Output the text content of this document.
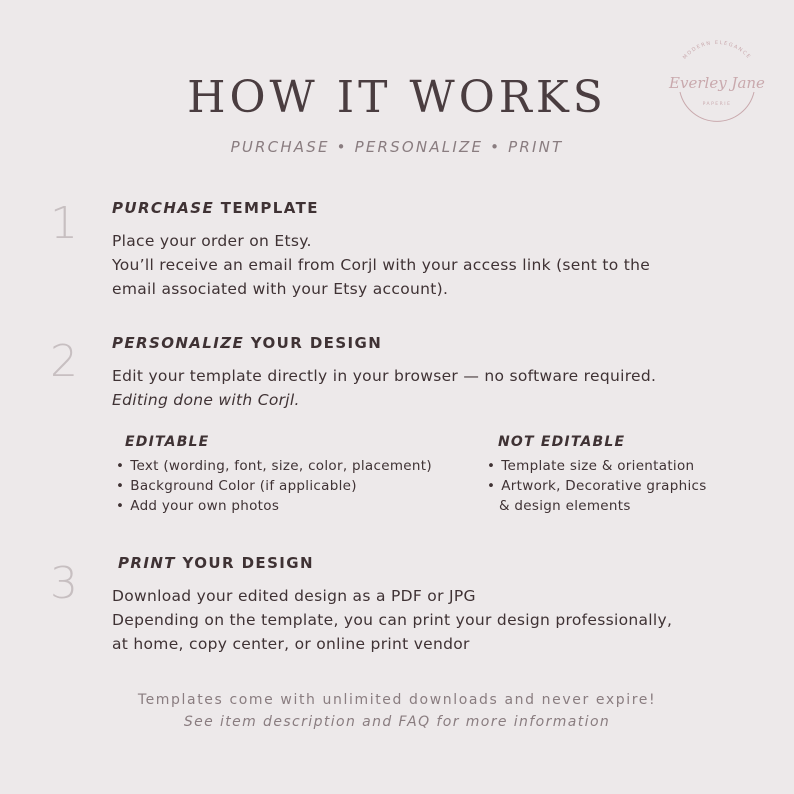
HOW IT WORKS
PURCHASE • PERSONALIZE • PRINT
MODERN ELEGANCE
Everley Jane
PAPERIE
1 PURCHASE TEMPLATE
Place your order on Etsy.
You’ll receive an email from Corjl with your access link (sent to the
email associated with your Etsy account).
2 PERSONALIZE YOUR DESIGN
Edit your template directly in your browser — no software required.
Editing done with Corjl.
EDITABLE
• Text (wording, font, size, color, placement)
• Background Color (if applicable)
• Add your own photos
NOT EDITABLE
• Template size & orientation
• Artwork, Decorative graphics
& design elements
3	PRINT YOUR DESIGN
Download your edited design as a PDF or JPG
Depending on the template, you can print your design professionally,
at home, copy center, or online print vendor
Templates come with unlimited downloads and never expire!
See item description and FAQ for more information
